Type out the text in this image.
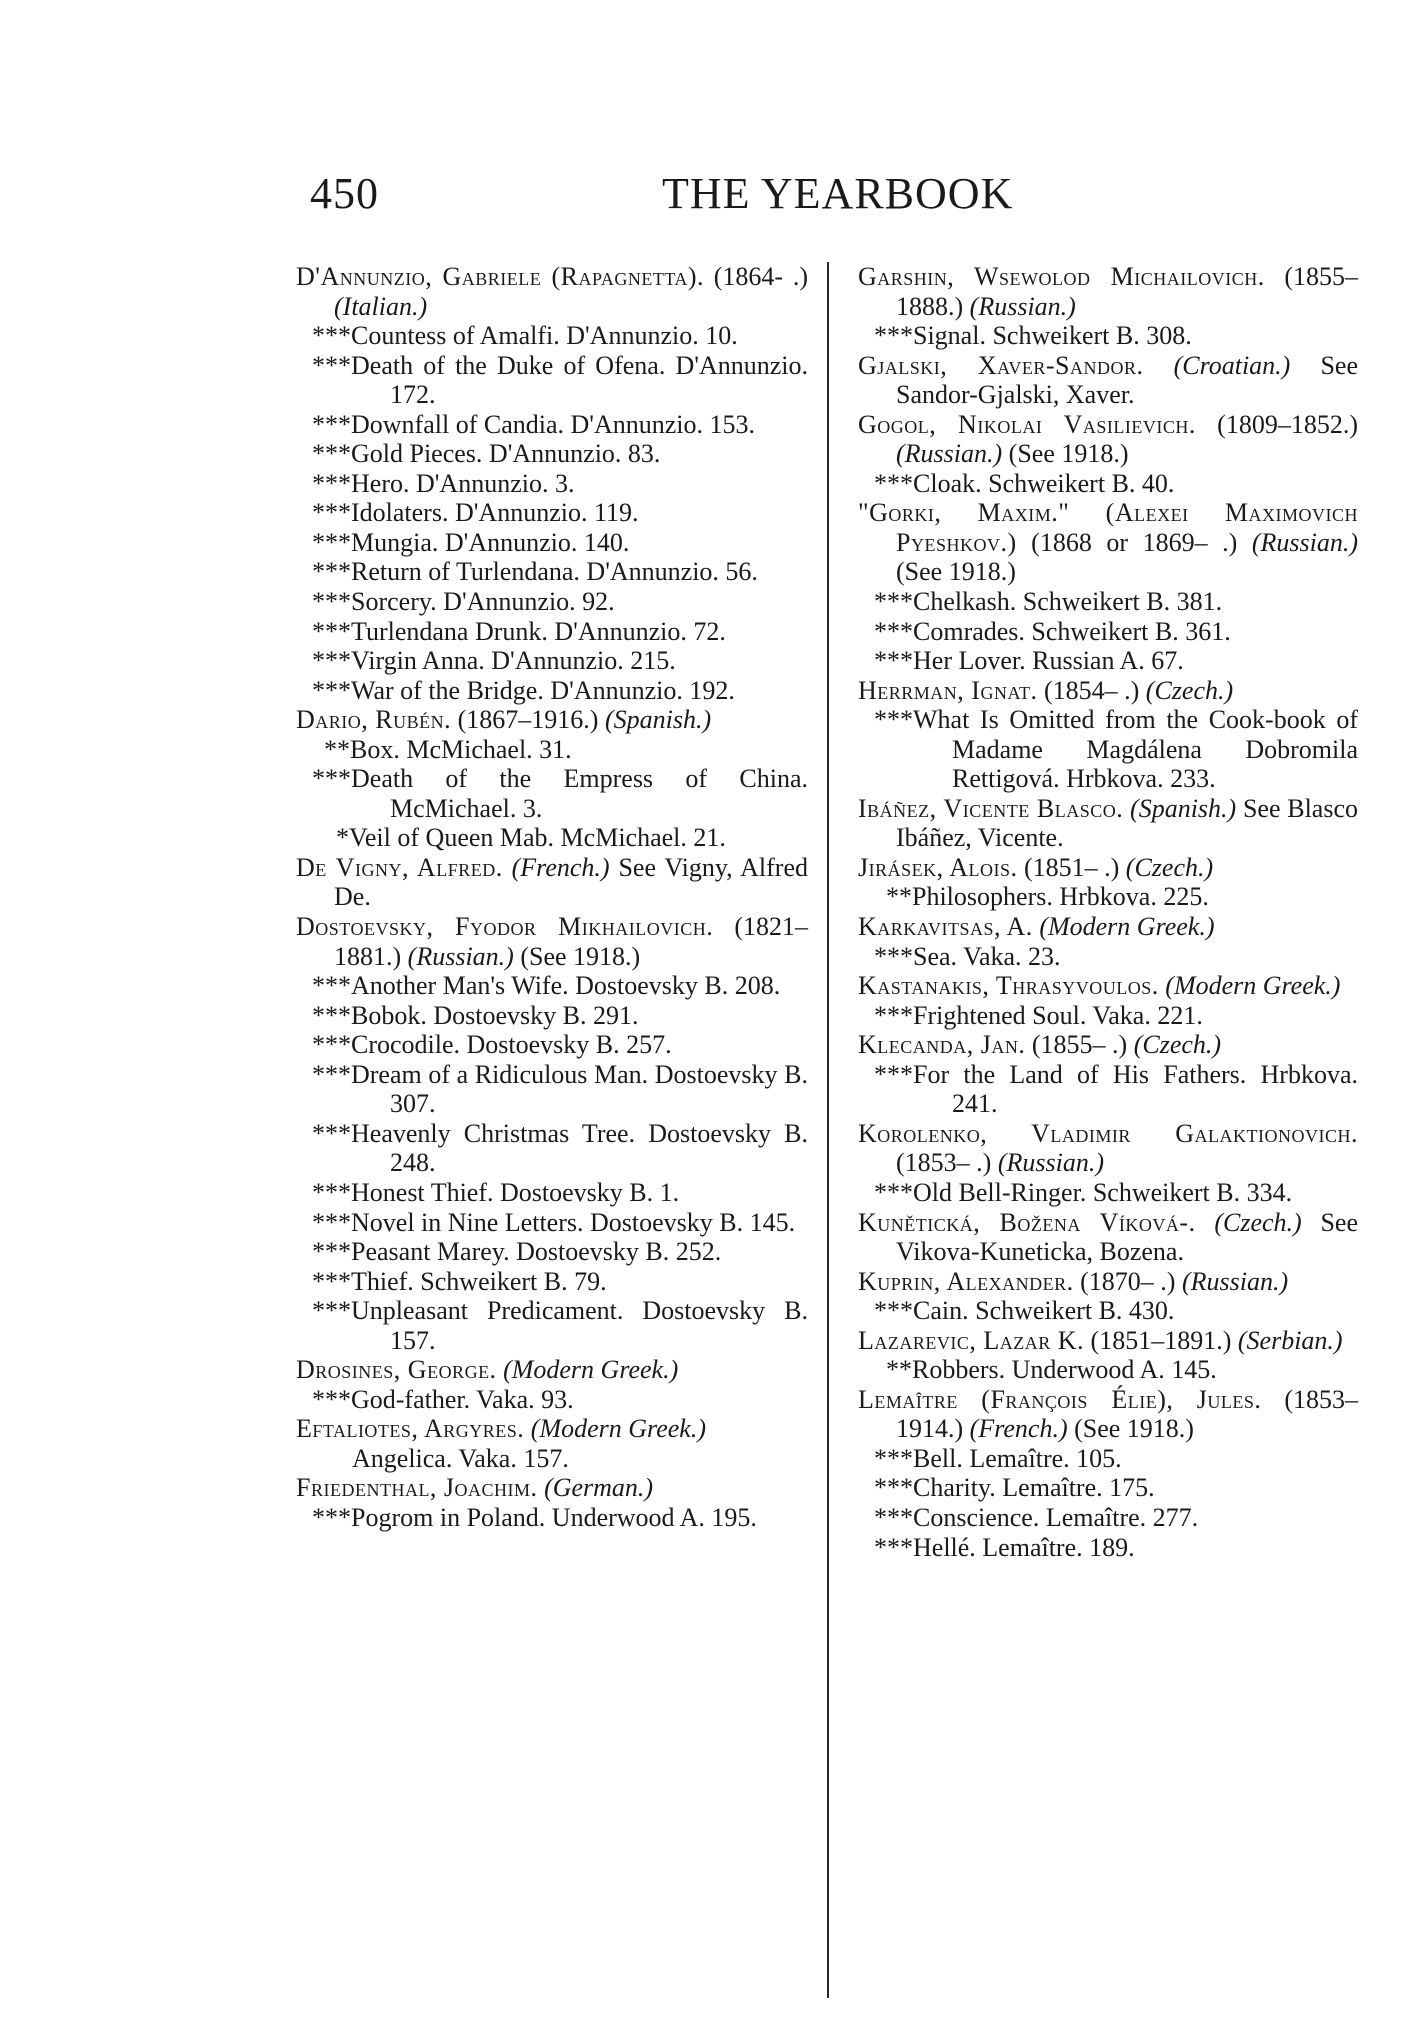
450	THE YEARBOOK

D'Annunzio, Gabriele (Rapagnetta). (1864- .) (Italian.)

***Countess of Amalfi. D'Annunzio. 10.

***Death of the Duke of Ofena. D'Annunzio. 172.

***Downfall of Candia. D'Annunzio. 153.

***Gold Pieces. D'Annunzio. 83.

***Hero. D'Annunzio. 3.

***Idolaters. D'Annunzio. 119.

***Mungia. D'Annunzio. 140.

***Return of Turlendana. D'Annunzio. 56.

***Sorcery. D'Annunzio. 92.

***Turlendana Drunk. D'Annunzio. 72.

***Virgin Anna. D'Annunzio. 215.

***War of the Bridge. D'Annunzio. 192.

Dario, Rubén. (1867–1916.) (Spanish.)

**Box. McMichael. 31.

***Death of the Empress of China. McMichael. 3.

*Veil of Queen Mab. McMichael. 21.

De Vigny, Alfred. (French.) See Vigny, Alfred De.

Dostoevsky, Fyodor Mikhailovich. (1821–1881.) (Russian.) (See 1918.)

***Another Man's Wife. Dostoevsky B. 208.

***Bobok. Dostoevsky B. 291.

***Crocodile. Dostoevsky B. 257.

***Dream of a Ridiculous Man. Dostoevsky B. 307.

***Heavenly Christmas Tree. Dostoevsky B. 248.

***Honest Thief. Dostoevsky B. 1.

***Novel in Nine Letters. Dostoevsky B. 145.

***Peasant Marey. Dostoevsky B. 252.

***Thief. Schweikert B. 79.

***Unpleasant Predicament. Dostoevsky B. 157.

Drosines, George. (Modern Greek.)

***God-father. Vaka. 93.

Eftaliotes, Argyres. (Modern Greek.)

Angelica. Vaka. 157.

Friedenthal, Joachim. (German.)

***Pogrom in Poland. Underwood A. 195.

Garshin, Wsewolod Michailovich. (1855–1888.) (Russian.)

***Signal. Schweikert B. 308.

Gjalski, Xaver-Sandor. (Croatian.) See Sandor-Gjalski, Xaver.

Gogol, Nikolai Vasilievich. (1809–1852.) (Russian.) (See 1918.)

***Cloak. Schweikert B. 40.

"Gorki, Maxim." (Alexei Maximovich Pyeshkov.) (1868 or 1869– .) (Russian.) (See 1918.)

***Chelkash. Schweikert B. 381.

***Comrades. Schweikert B. 361.

***Her Lover. Russian A. 67.

Herrman, Ignat. (1854– .) (Czech.)

***What Is Omitted from the Cook-book of Madame Magdálena Dobromila Rettigová. Hrbkova. 233.

Ibáñez, Vicente Blasco. (Spanish.) See Blasco Ibáñez, Vicente.

Jirásek, Alois. (1851– .) (Czech.)

**Philosophers. Hrbkova. 225.

Karkavitsas, A. (Modern Greek.)

***Sea. Vaka. 23.

Kastanakis, Thrasyvoulos. (Modern Greek.)

***Frightened Soul. Vaka. 221.

Klecanda, Jan. (1855– .) (Czech.)

***For the Land of His Fathers. Hrbkova. 241.

Korolenko, Vladimir Galaktionovich. (1853– .) (Russian.)

***Old Bell-Ringer. Schweikert B. 334.

Kunětická, Božena Víková-. (Czech.) See Vikova-Kuneticka, Bozena.

Kuprin, Alexander. (1870– .) (Russian.)

***Cain. Schweikert B. 430.

Lazarevic, Lazar K. (1851–1891.) (Serbian.)

**Robbers. Underwood A. 145.

Lemaître (François Élie), Jules. (1853–1914.) (French.) (See 1918.)

***Bell. Lemaître. 105.

***Charity. Lemaître. 175.

***Conscience. Lemaître. 277.

***Hellé. Lemaître. 189.
